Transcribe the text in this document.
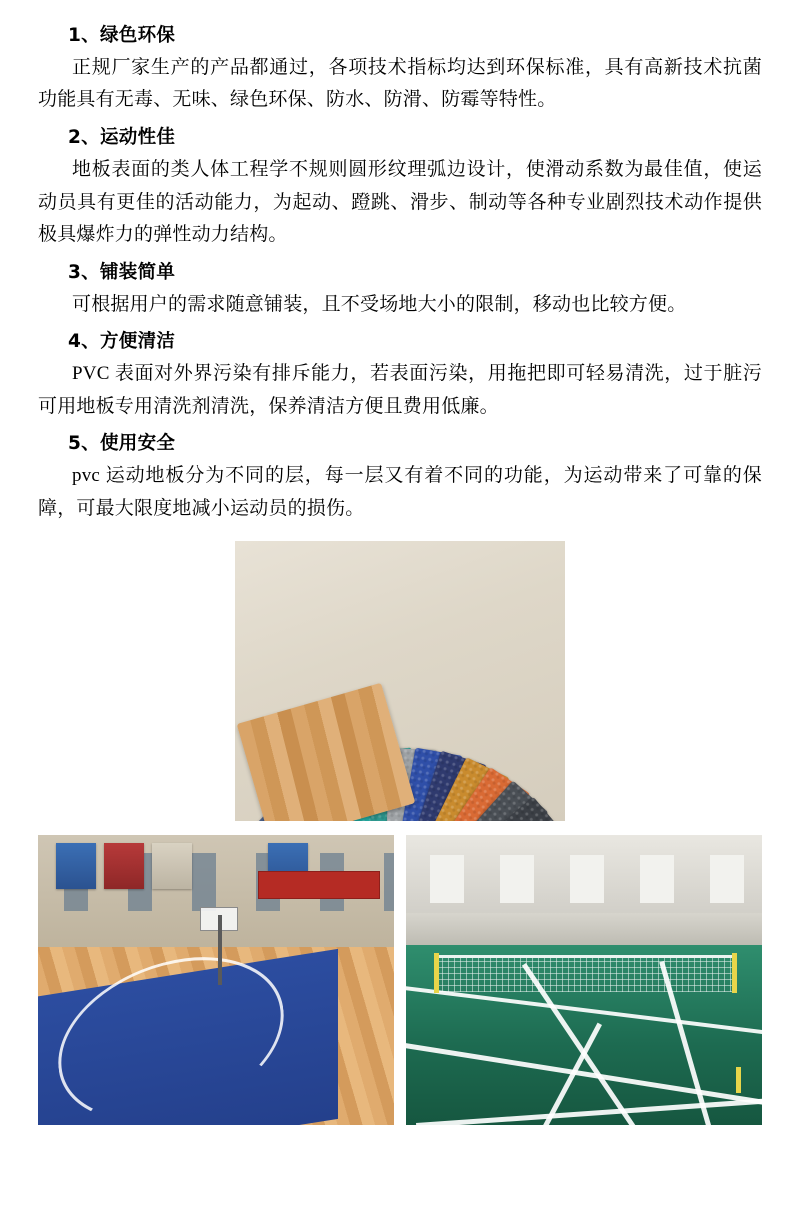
1、绿色环保

正规厂家生产的产品都通过，各项技术指标均达到环保标准，具有高新技术抗菌功能具有无毒、无味、绿色环保、防水、防滑、防霉等特性。

2、运动性佳

地板表面的类人体工程学不规则圆形纹理弧边设计，使滑动系数为最佳值，使运动员具有更佳的活动能力，为起动、蹬跳、滑步、制动等各种专业剧烈技术动作提供极具爆炸力的弹性动力结构。

3、铺装简单

可根据用户的需求随意铺装，且不受场地大小的限制，移动也比较方便。

4、方便清洁

PVC 表面对外界污染有排斥能力，若表面污染，用拖把即可轻易清洗，过于脏污可用地板专用清洗剂清洗，保养清洁方便且费用低廉。

5、使用安全

pvc 运动地板分为不同的层，每一层又有着不同的功能，为运动带来了可靠的保障，可最大限度地减小运动员的损伤。
